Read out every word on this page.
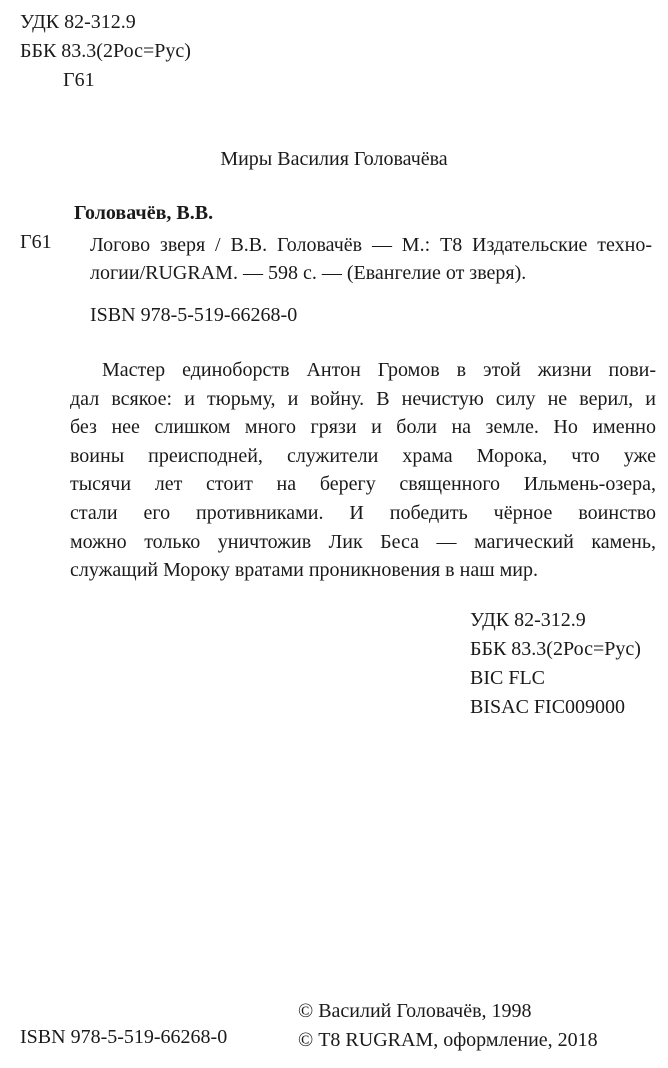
УДК 82-312.9
ББК 83.3(2Рос=Рус)
Г61
Миры Василия Головачёва
Головачёв, В.В.
Г61 Логово зверя / В.В. Головачёв — М.: Т8 Издательские техно-
логии/RUGRAM. — 598 с. — (Евангелие от зверя).
ISBN 978-5-519-66268-0
Мастер единоборств Антон Громов в этой жизни пови-
дал всякое: и тюрьму, и войну. В нечистую силу не верил, и
без нее слишком много грязи и боли на земле. Но именно
воины преисподней, служители храма Морока, что уже
тысячи лет стоит на берегу священного Ильмень-озера,
стали его противниками. И победить чёрное воинство
можно только уничтожив Лик Беса — магический камень,
служащий Мороку вратами проникновения в наш мир.
УДК 82-312.9
ББК 83.3(2Рос=Рус)
BIC FLC
BISAC FIC009000
ISBN 978-5-519-66268-0
© Василий Головачёв, 1998
© Т8 RUGRAM, оформление, 2018
